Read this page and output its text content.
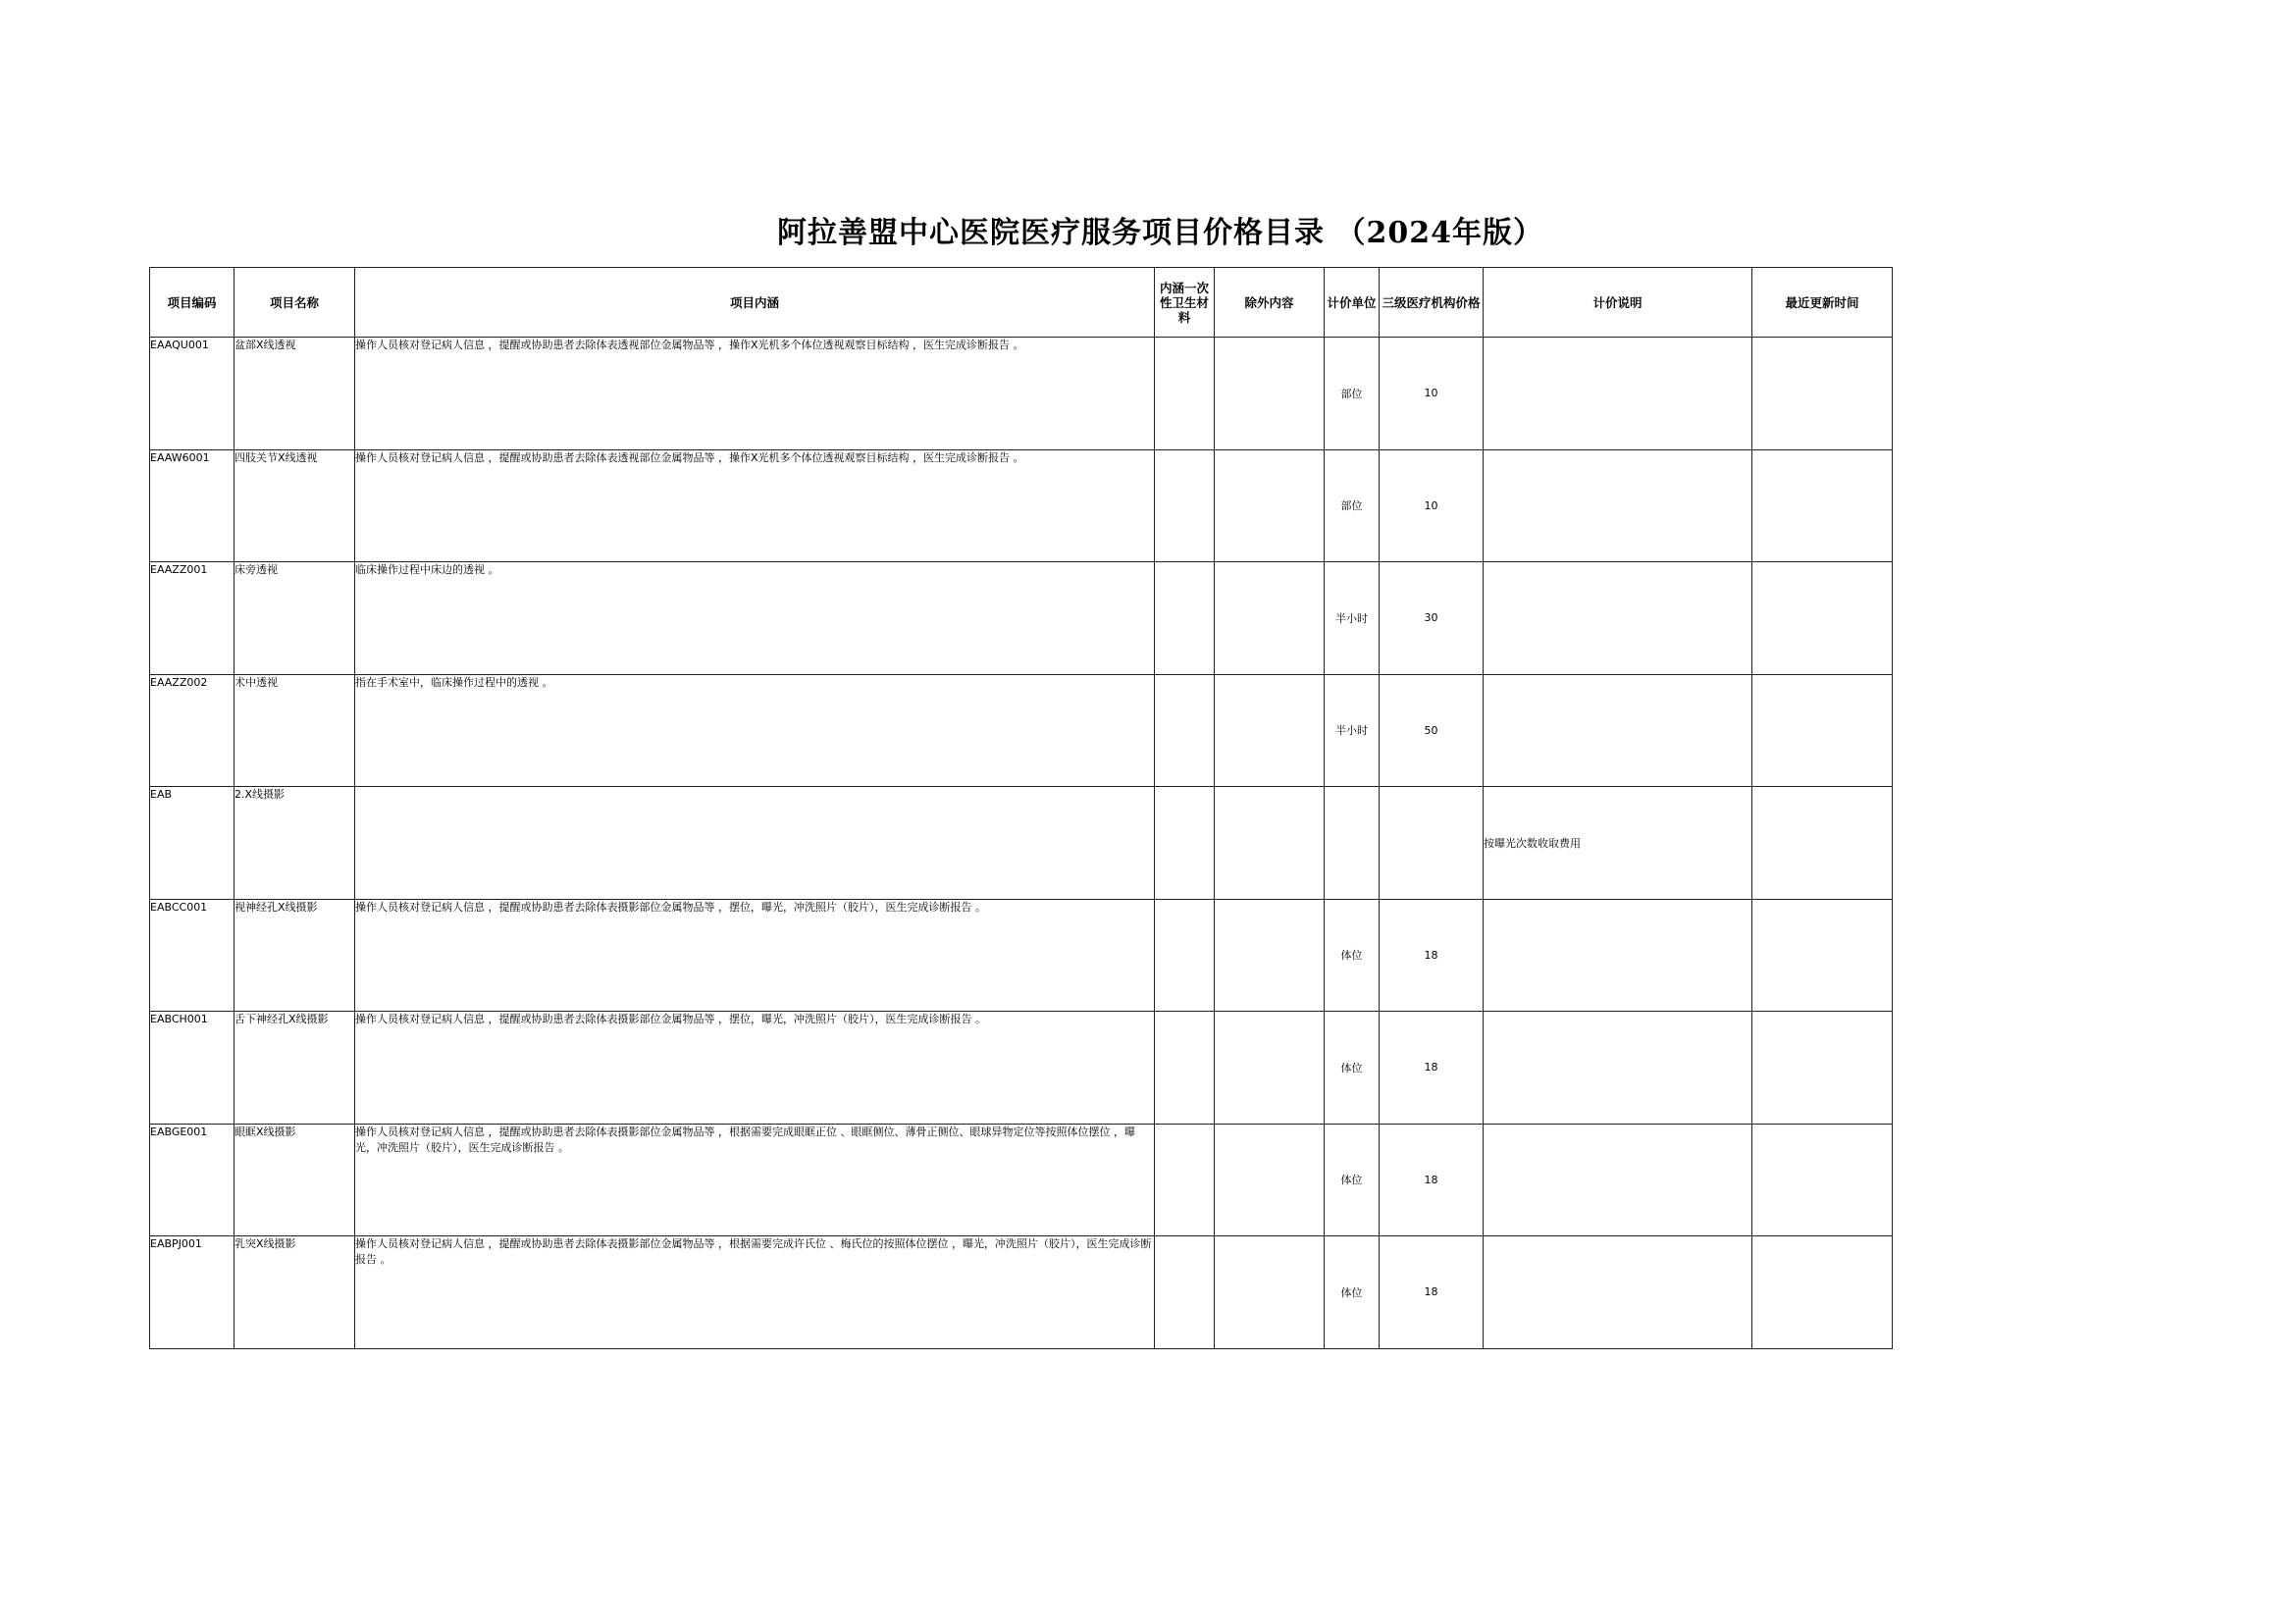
阿拉善盟中心医院医疗服务项目价格目录 （2024年版）
项目编码	项目名称	项目内涵	内涵一次性卫生材料	除外内容	计价单位	三级医疗机构价格	计价说明	最近更新时间
EAAQU001	盆部X线透视	操作人员核对登记病人信息 ，提醒或协助患者去除体表透视部位金属物品等 ，操作X光机多个体位透视观察目标结构 ，医生完成诊断报告 。			部位	10		
EAAW6001	四肢关节X线透视	操作人员核对登记病人信息 ，提醒或协助患者去除体表透视部位金属物品等 ，操作X光机多个体位透视观察目标结构 ，医生完成诊断报告 。			部位	10		
EAAZZ001	床旁透视	临床操作过程中床边的透视 。			半小时	30		
EAAZZ002	术中透视	指在手术室中，临床操作过程中的透视 。			半小时	50		
EAB	2.X线摄影						按曝光次数收取费用	
EABCC001	视神经孔X线摄影	操作人员核对登记病人信息 ，提醒或协助患者去除体表摄影部位金属物品等 ，摆位，曝光，冲洗照片（胶片），医生完成诊断报告 。			体位	18		
EABCH001	舌下神经孔X线摄影	操作人员核对登记病人信息 ，提醒或协助患者去除体表摄影部位金属物品等 ，摆位，曝光，冲洗照片（胶片），医生完成诊断报告 。			体位	18		
EABGE001	眼眶X线摄影	操作人员核对登记病人信息 ，提醒或协助患者去除体表摄影部位金属物品等 ，根据需要完成眼眶正位 、眼眶侧位、薄骨正侧位、眼球异物定位等按照体位摆位 ，曝光，冲洗照片（胶片），医生完成诊断报告 。			体位	18		
EABPJ001	乳突X线摄影	操作人员核对登记病人信息 ，提醒或协助患者去除体表摄影部位金属物品等 ，根据需要完成许氏位 、梅氏位的按照体位摆位 ，曝光，冲洗照片（胶片），医生完成诊断报告 。			体位	18		
